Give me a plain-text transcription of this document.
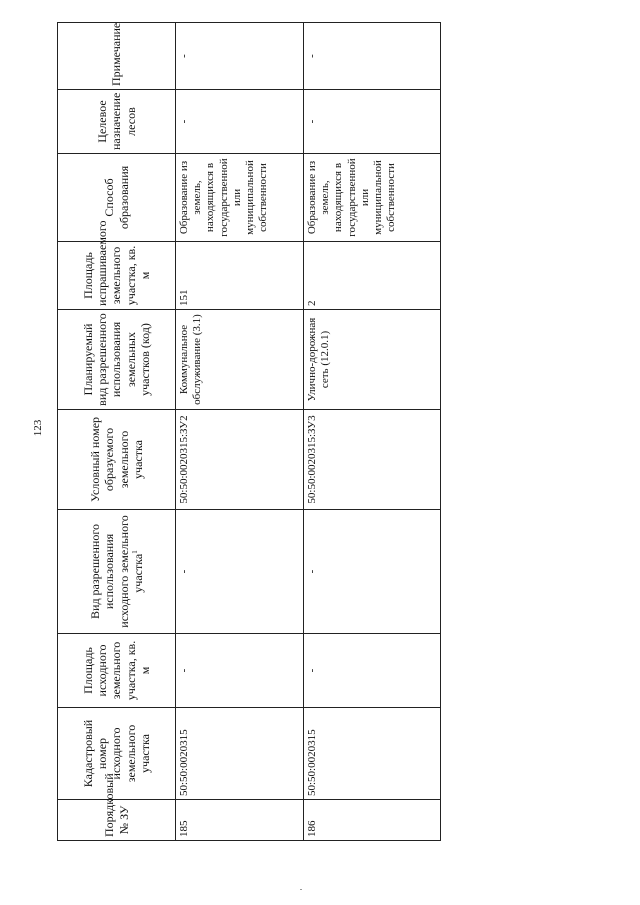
123
Порядковый № ЗУ	Кадастровый номер исходного земельного участка	Площадь исходного земельного участка, кв. м	Вид разрешенного использования исходного земельного участка$^1$	Условный номер образуемого земельного участка	Планируемый вид разрешенного использования земельных участков (код)	Площадь испрашиваемого земельного участка, кв. м	Способ образования	Целевое назначение лесов	Примечание
185	50:50:0020315	-	-	50:50:0020315:ЗУ2	Коммунальное обслуживание (3.1)	151	Образование из земель, находящихся в государственной или муниципальной собственности	-	-
186	50:50:0020315	-	-	50:50:0020315:ЗУ3	Улично-дорожная сеть (12.0.1)	2	Образование из земель, находящихся в государственной или муниципальной собственности	-	-
